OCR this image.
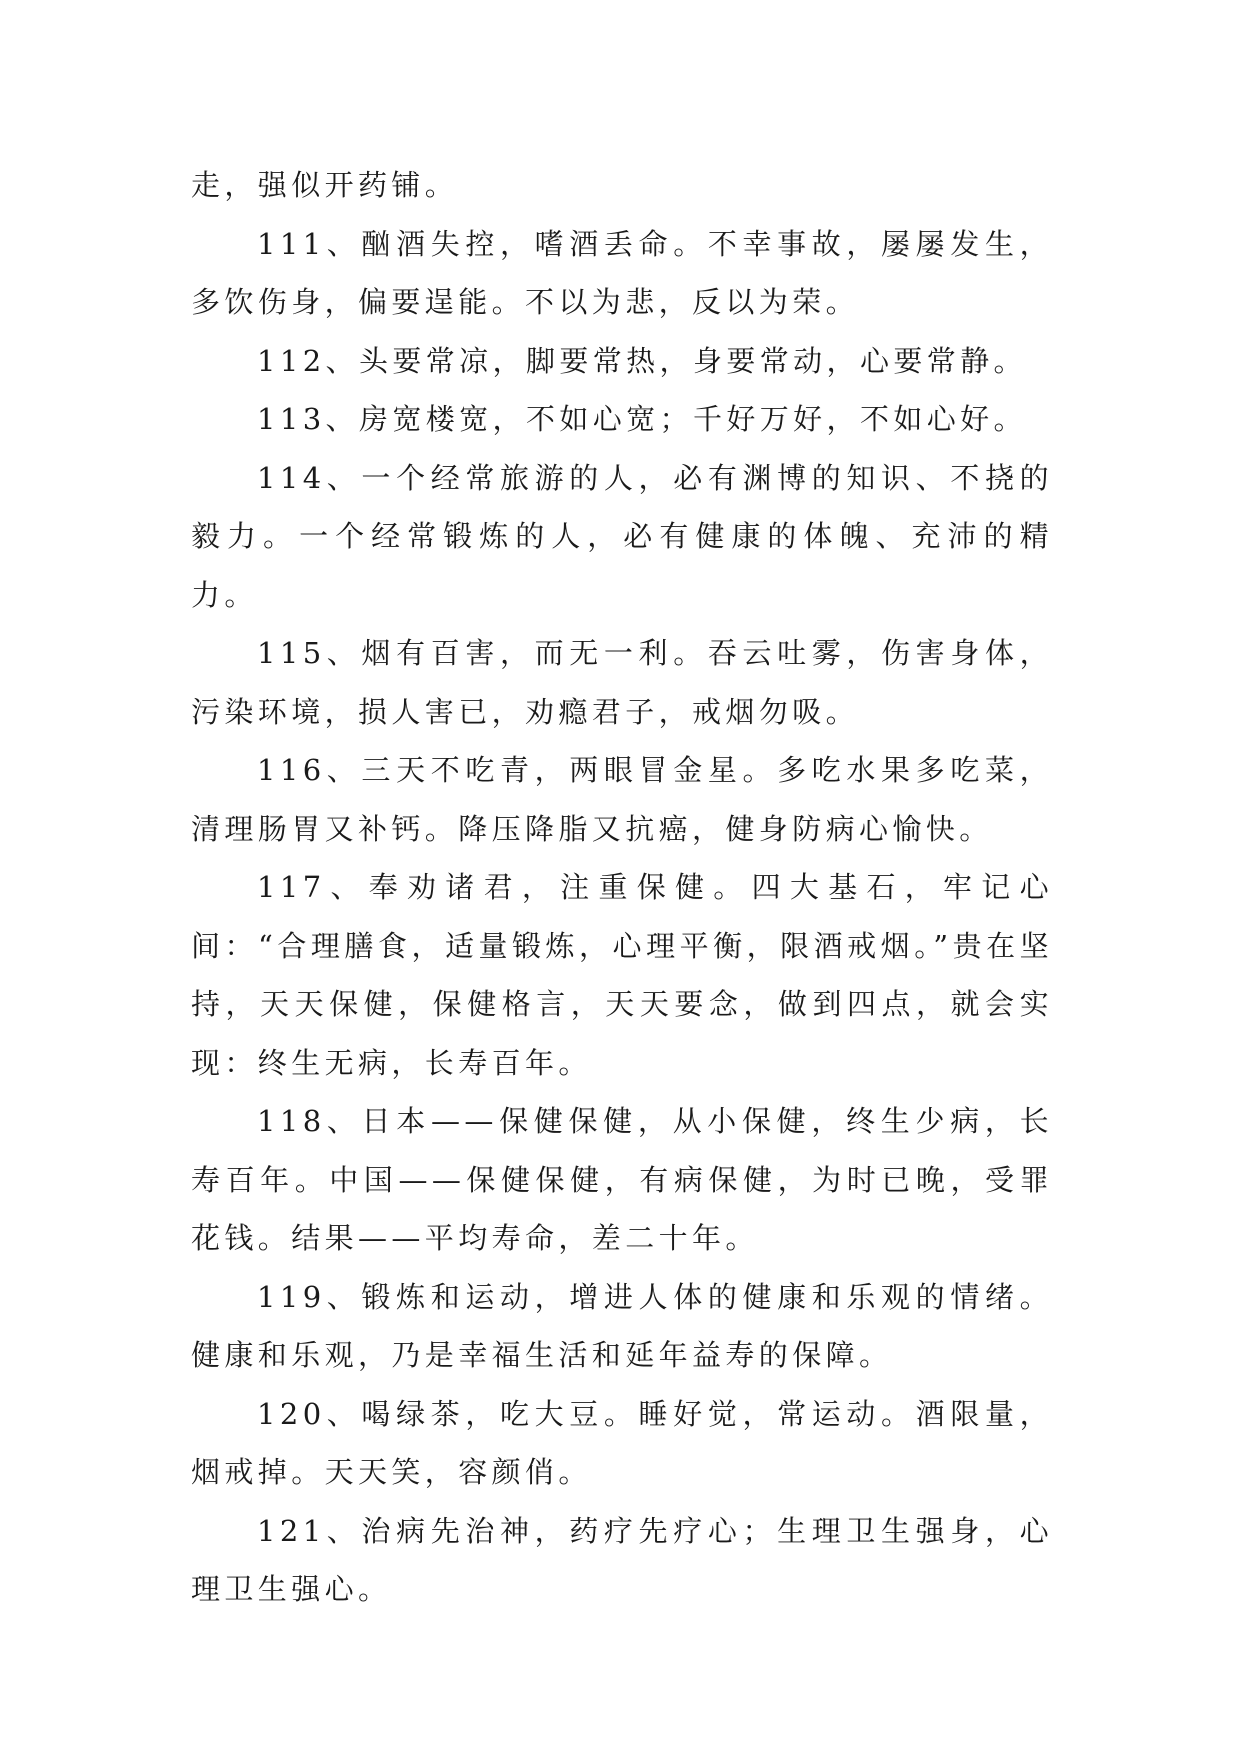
走，强似开药铺。

111、酗酒失控，嗜酒丢命。不幸事故，屡屡发生，多饮伤身，偏要逞能。不以为悲，反以为荣。

112、头要常凉，脚要常热，身要常动，心要常静。

113、房宽楼宽，不如心宽；千好万好，不如心好。

114、一个经常旅游的人，必有渊博的知识、不挠的毅力。一个经常锻炼的人，必有健康的体魄、充沛的精力。

115、烟有百害，而无一利。吞云吐雾，伤害身体，污染环境，损人害已，劝瘾君子，戒烟勿吸。

116、三天不吃青，两眼冒金星。多吃水果多吃菜，清理肠胃又补钙。降压降脂又抗癌，健身防病心愉快。

117、奉劝诸君，注重保健。四大基石，牢记心间：“合理膳食，适量锻炼，心理平衡，限酒戒烟。”贵在坚持，天天保健，保健格言，天天要念，做到四点，就会实现：终生无病，长寿百年。

118、日本——保健保健，从小保健，终生少病，长寿百年。中国——保健保健，有病保健，为时已晚，受罪花钱。结果——平均寿命，差二十年。

119、锻炼和运动，增进人体的健康和乐观的情绪。健康和乐观，乃是幸福生活和延年益寿的保障。

120、喝绿茶，吃大豆。睡好觉，常运动。酒限量，烟戒掉。天天笑，容颜俏。

121、治病先治神，药疗先疗心；生理卫生强身，心理卫生强心。
